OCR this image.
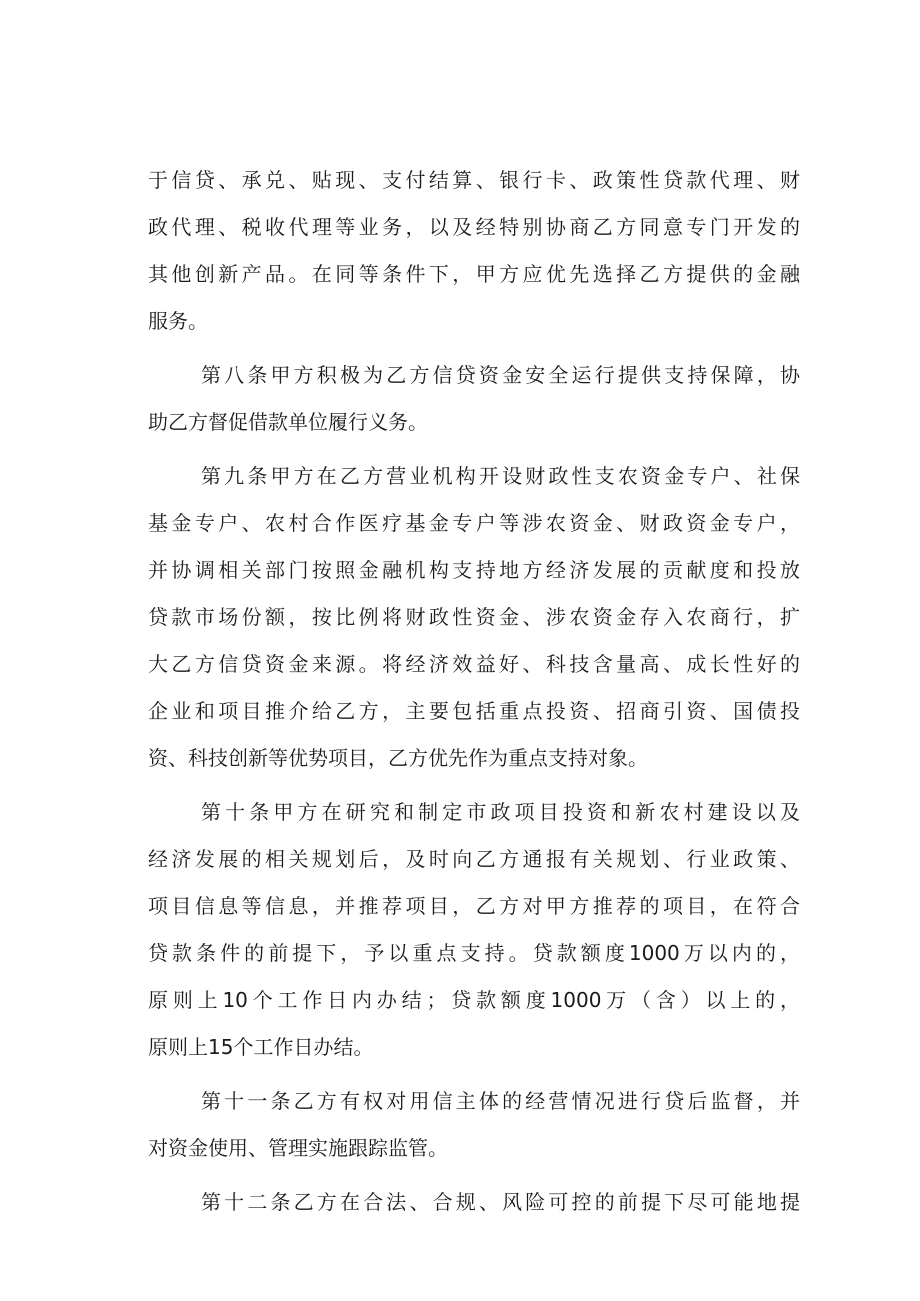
于信贷、承兑、贴现、支付结算、银行卡、政策性贷款代理、财
政代理、税收代理等业务，以及经特别协商乙方同意专门开发的
其他创新产品。在同等条件下，甲方应优先选择乙方提供的金融
服务。
第八条甲方积极为乙方信贷资金安全运行提供支持保障，协
助乙方督促借款单位履行义务。
第九条甲方在乙方营业机构开设财政性支农资金专户、社保
基金专户、农村合作医疗基金专户等涉农资金、财政资金专户，
并协调相关部门按照金融机构支持地方经济发展的贡献度和投放
贷款市场份额，按比例将财政性资金、涉农资金存入农商行，扩
大乙方信贷资金来源。将经济效益好、科技含量高、成长性好的
企业和项目推介给乙方，主要包括重点投资、招商引资、国债投
资、科技创新等优势项目，乙方优先作为重点支持对象。
第十条甲方在研究和制定市政项目投资和新农村建设以及
经济发展的相关规划后，及时向乙方通报有关规划、行业政策、
项目信息等信息，并推荐项目，乙方对甲方推荐的项目，在符合
贷款条件的前提下，予以重点支持。贷款额度1000万以内的，
原则上10个工作日内办结；贷款额度1000万（含）以上的，
原则上15个工作日办结。
第十一条乙方有权对用信主体的经营情况进行贷后监督，并
对资金使用、管理实施跟踪监管。
第十二条乙方在合法、合规、风险可控的前提下尽可能地提
